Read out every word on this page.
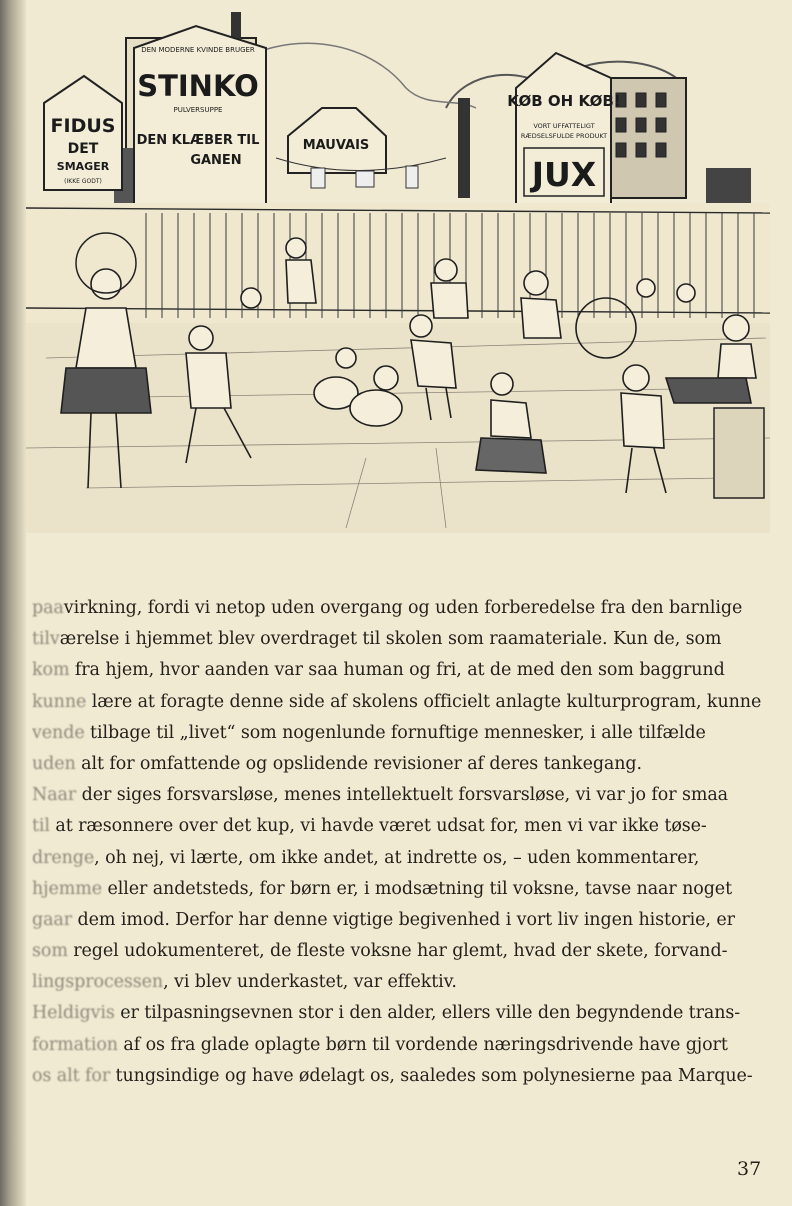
FIDUS
DET
SMAGER
(IKKE GODT)
DEN MODERNE KVINDE BRUGER
STINKO
PULVERSUPPE
DEN KLÆBER TIL
GANEN
MAUVAIS
KØB OH KØB!
VORT UFFATTELIGT
RÆDSELSFULDE PRODUKT
JUX
paavirkning, fordi vi netop uden overgang og uden forberedelse fra den barnlige
tilværelse i hjemmet blev overdraget til skolen som raamateriale. Kun de, som
kom fra hjem, hvor aanden var saa human og fri, at de med den som baggrund
kunne lære at foragte denne side af skolens officielt anlagte kulturprogram, kunne
vende tilbage til „livet“ som nogenlunde fornuftige mennesker, i alle tilfælde
uden alt for omfattende og opslidende revisioner af deres tankegang.
Naar der siges forsvarsløse, menes intellektuelt forsvarsløse, vi var jo for smaa
til at ræsonnere over det kup, vi havde været udsat for, men vi var ikke tøse-
drenge, oh nej, vi lærte, om ikke andet, at indrette os, – uden kommentarer,
hjemme eller andetsteds, for børn er, i modsætning til voksne, tavse naar noget
gaar dem imod. Derfor har denne vigtige begivenhed i vort liv ingen historie, er
som regel udokumenteret, de fleste voksne har glemt, hvad der skete, forvand-
lingsprocessen, vi blev underkastet, var effektiv.
Heldigvis er tilpasningsevnen stor i den alder, ellers ville den begyndende trans-
formation af os fra glade oplagte børn til vordende næringsdrivende have gjort
os alt for tungsindige og have ødelagt os, saaledes som polynesierne paa Marque-
37
